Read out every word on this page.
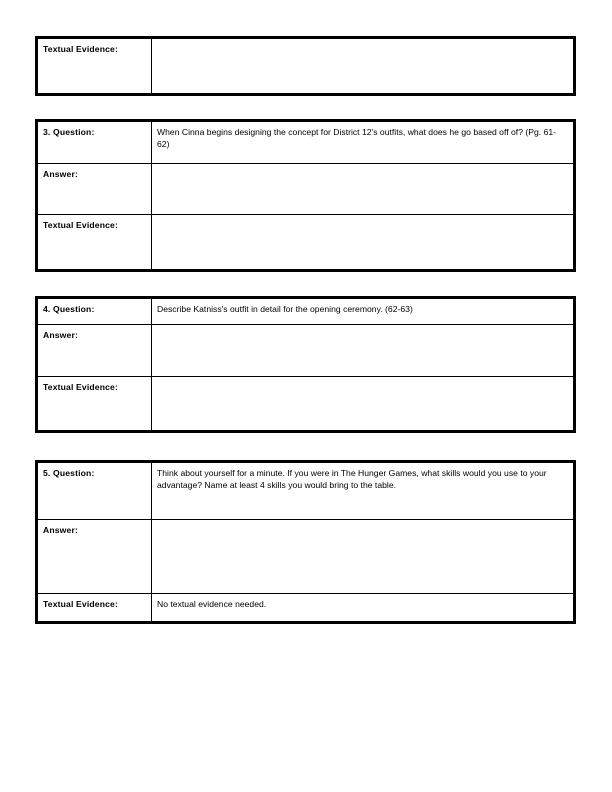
Textual Evidence:
3. Question:	When Cinna begins designing the concept for District 12's outfits, what does he go based off of? (Pg. 61-62)
Answer:
Textual Evidence:
4. Question:	Describe Katniss's outfit in detail for the opening ceremony. (62-63)
Answer:
Textual Evidence:
5. Question:	Think about yourself for a minute. If you were in The Hunger Games, what skills would you use to your advantage? Name at least 4 skills you would bring to the table.
Answer:
Textual Evidence:	No textual evidence needed.
